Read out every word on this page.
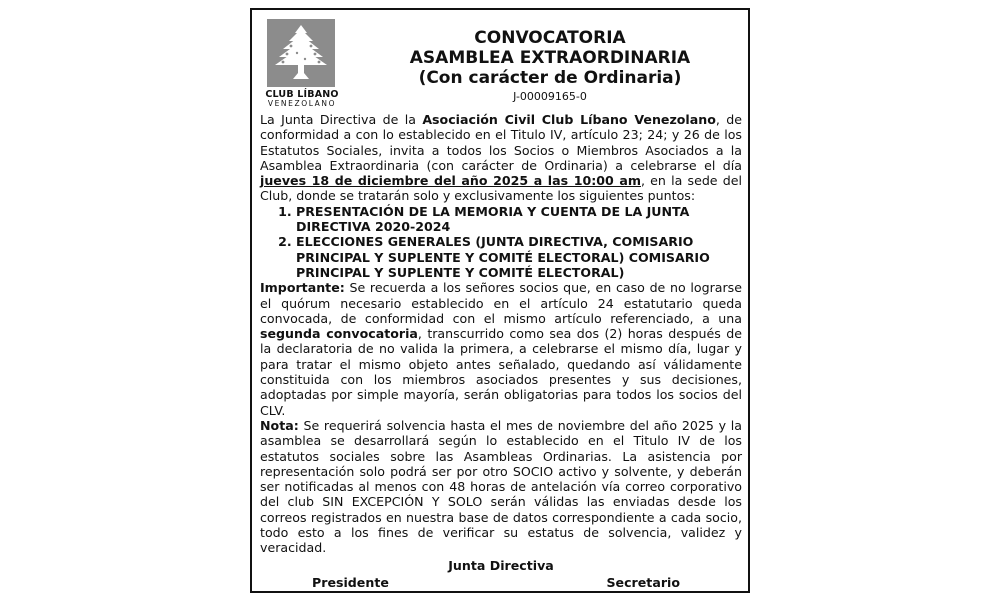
CLUB LÍBANO
VENEZOLANO
CONVOCATORIA
ASAMBLEA EXTRAORDINARIA
(Con carácter de Ordinaria)
J-00009165-0

La Junta Directiva de la Asociación Civil Club Líbano Venezolano, de conformidad a con lo establecido en el Titulo IV, artículo 23; 24; y 26 de los Estatutos Sociales, invita a todos los Socios o Miembros Asociados a la Asamblea Extraordinaria (con carácter de Ordinaria) a celebrarse el día jueves 18 de diciembre del año 2025 a las 10:00 am, en la sede del Club, donde se tratarán solo y exclusivamente los siguientes puntos:

1. PRESENTACIÓN DE LA MEMORIA Y CUENTA DE LA JUNTA DIRECTIVA 2020-2024
2. ELECCIONES GENERALES (JUNTA DIRECTIVA, COMISARIO PRINCIPAL Y SUPLENTE Y COMITÉ ELECTORAL) COMISARIO PRINCIPAL Y SUPLENTE Y COMITÉ ELECTORAL)

Importante: Se recuerda a los señores socios que, en caso de no lograrse el quórum necesario establecido en el artículo 24 estatutario queda convocada, de conformidad con el mismo artículo referenciado, a una segunda convocatoria, transcurrido como sea dos (2) horas después de la declaratoria de no valida la primera, a celebrarse el mismo día, lugar y para tratar el mismo objeto antes señalado, quedando así válidamente constituida con los miembros asociados presentes y sus decisiones, adoptadas por simple mayoría, serán obligatorias para todos los socios del CLV.

Nota: Se requerirá solvencia hasta el mes de noviembre del año 2025 y la asamblea se desarrollará según lo establecido en el Titulo IV de los estatutos sociales sobre las Asambleas Ordinarias. La asistencia por representación solo podrá ser por otro SOCIO activo y solvente, y deberán ser notificadas al menos con 48 horas de antelación vía correo corporativo del club SIN EXCEPCIÓN Y SOLO serán válidas las enviadas desde los correos registrados en nuestra base de datos correspondiente a cada socio, todo esto a los fines de verificar su estatus de solvencia, validez y veracidad.

Junta Directiva
Presidente	Secretario
